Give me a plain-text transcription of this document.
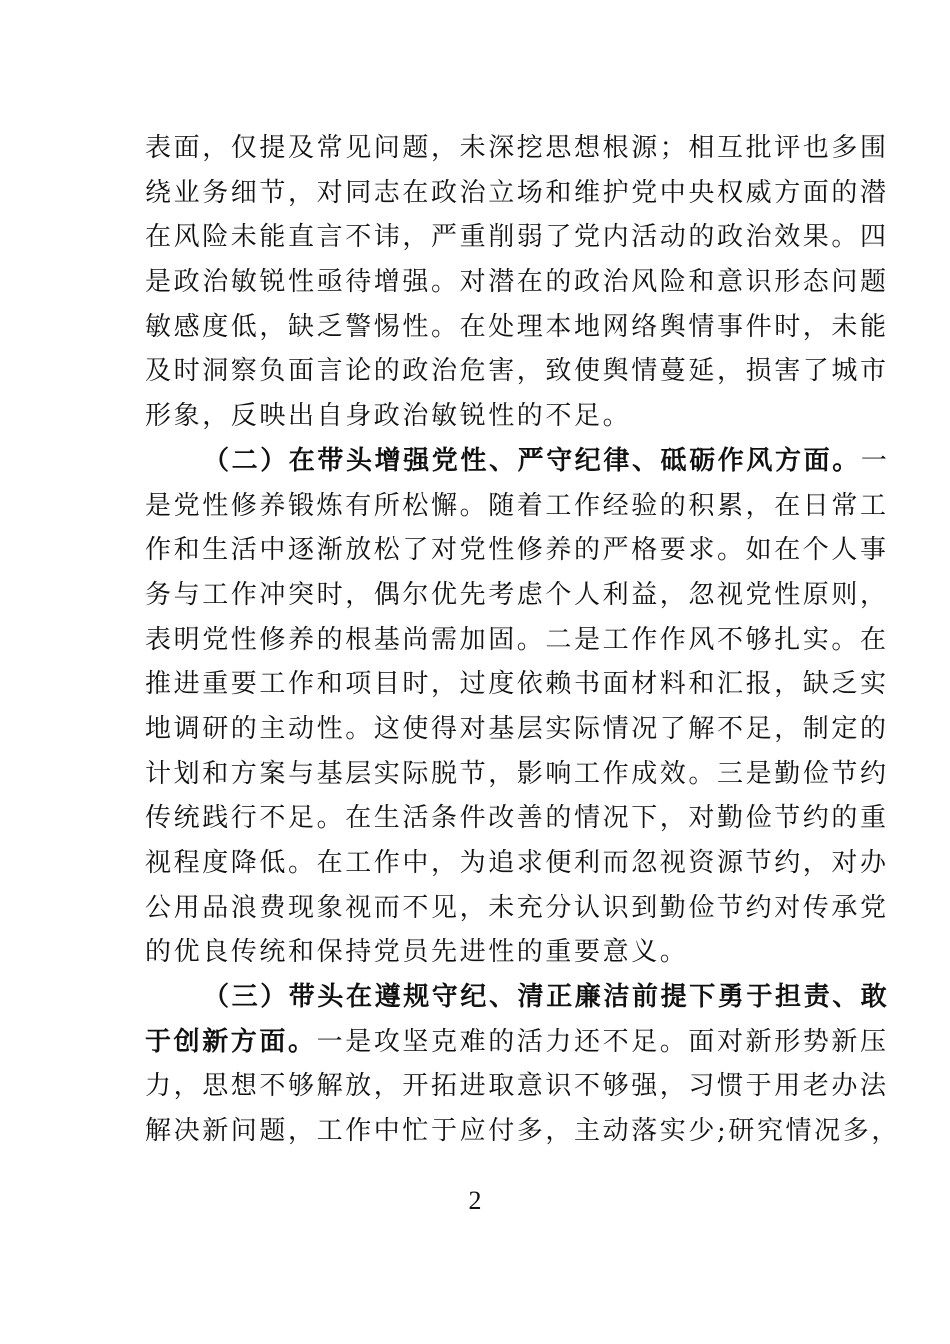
表面，仅提及常见问题，未深挖思想根源；相互批评也多围
绕业务细节，对同志在政治立场和维护党中央权威方面的潜
在风险未能直言不讳，严重削弱了党内活动的政治效果。四
是政治敏锐性亟待增强。对潜在的政治风险和意识形态问题
敏感度低，缺乏警惕性。在处理本地网络舆情事件时，未能
及时洞察负面言论的政治危害，致使舆情蔓延，损害了城市
形象，反映出自身政治敏锐性的不足。
（二）在带头增强党性、严守纪律、砥砺作风方面。一
是党性修养锻炼有所松懈。随着工作经验的积累，在日常工
作和生活中逐渐放松了对党性修养的严格要求。如在个人事
务与工作冲突时，偶尔优先考虑个人利益，忽视党性原则，
表明党性修养的根基尚需加固。二是工作作风不够扎实。在
推进重要工作和项目时，过度依赖书面材料和汇报，缺乏实
地调研的主动性。这使得对基层实际情况了解不足，制定的
计划和方案与基层实际脱节，影响工作成效。三是勤俭节约
传统践行不足。在生活条件改善的情况下，对勤俭节约的重
视程度降低。在工作中，为追求便利而忽视资源节约，对办
公用品浪费现象视而不见，未充分认识到勤俭节约对传承党
的优良传统和保持党员先进性的重要意义。
（三）带头在遵规守纪、清正廉洁前提下勇于担责、敢
于创新方面。一是攻坚克难的活力还不足。面对新形势新压
力，思想不够解放，开拓进取意识不够强，习惯于用老办法
解决新问题，工作中忙于应付多，主动落实少;研究情况多，
2
